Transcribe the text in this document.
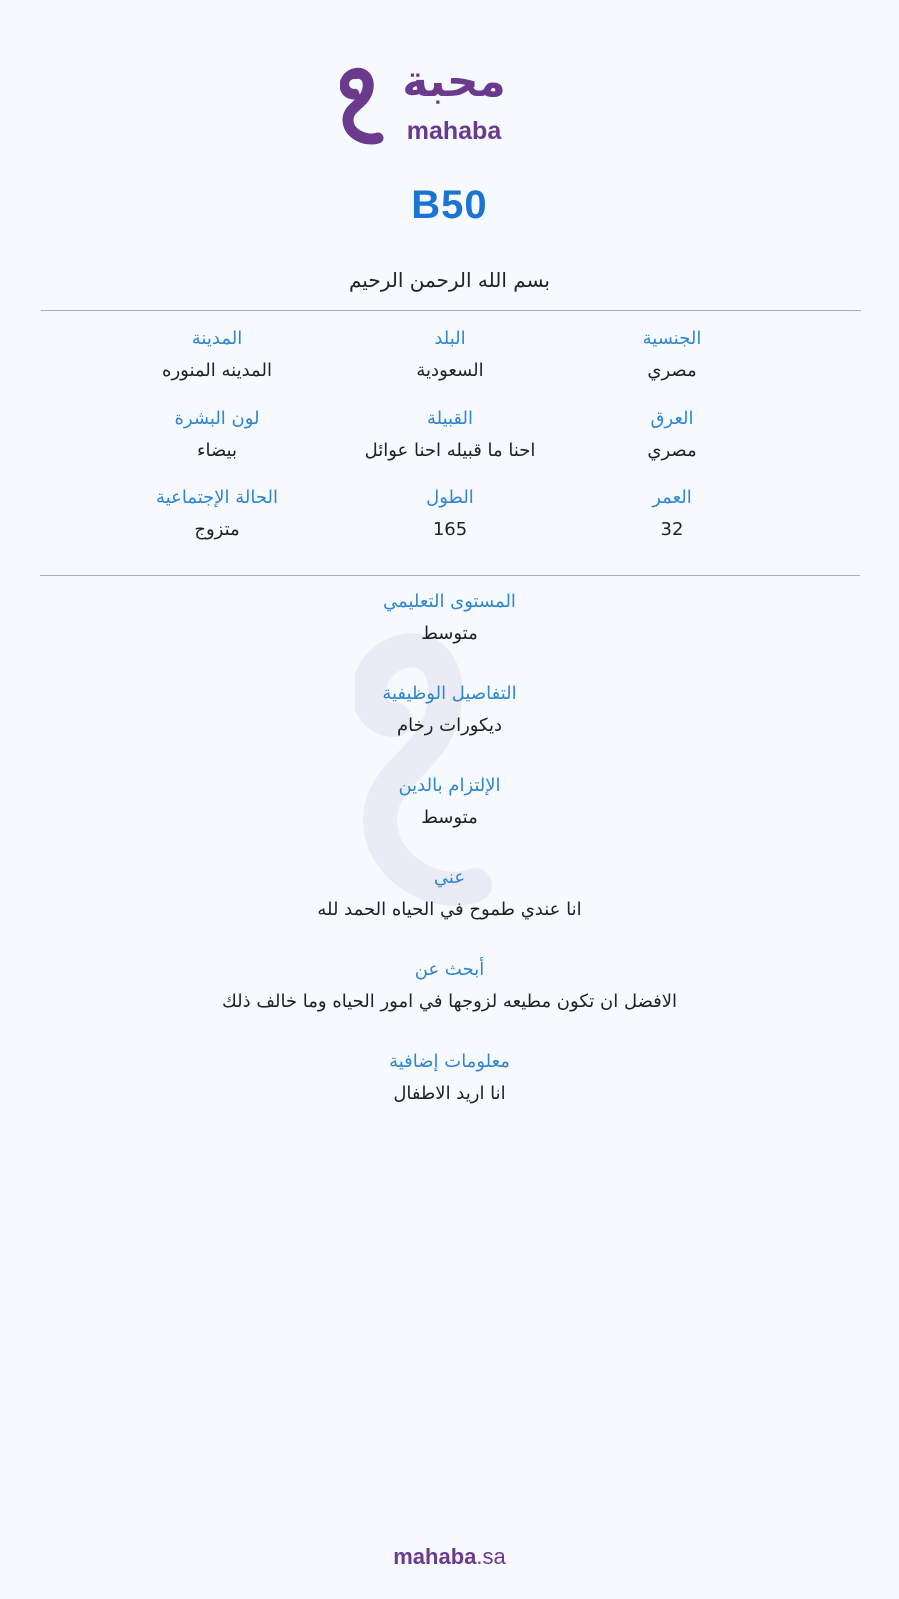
محبة
mahaba
B50
بسم الله الرحمن الرحيم
الجنسية
مصري
البلد
السعودية
المدينة
المدينه المنوره
العرق
مصري
القبيلة
احنا ما قبيله احنا عوائل
لون البشرة
بيضاء
العمر
32
الطول
165
الحالة الإجتماعية
متزوج
المستوى التعليمي
متوسط
التفاصيل الوظيفية
ديكورات رخام
الإلتزام بالدين
متوسط
عني
انا عندي طموح في الحياه الحمد لله
أبحث عن
الافضل ان تكون مطيعه لزوجها في امور الحياه وما خالف ذلك
معلومات إضافية
انا اريد الاطفال
mahaba.sa
